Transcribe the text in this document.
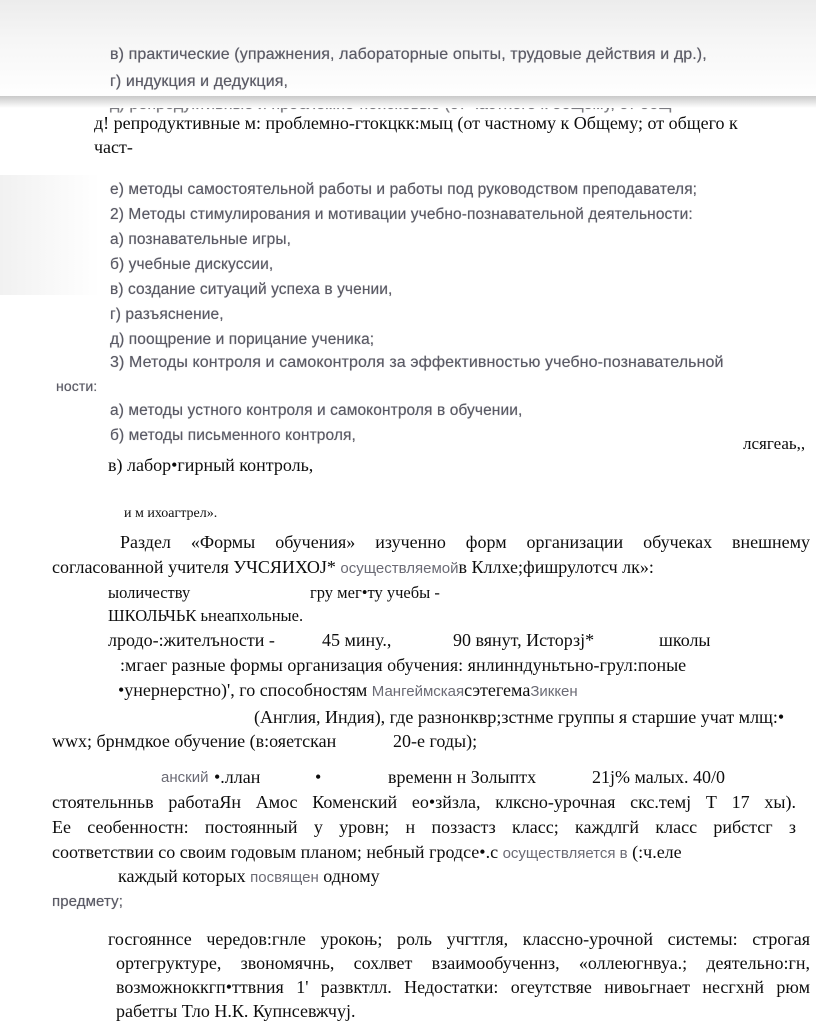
в) практические (упражнения, лабораторные опыты, трудовые действия и др.),
г) индукция и дедукция,
д! репродуктивные м: проблемно-гтокцкк:мыц (от частному к Общему; от общего к
част-
е) методы самостоятельной работы и работы под руководством преподавателя;
2) Методы стимулирования и мотивации учебно-познавательной деятельности:
а) познавательные игры,
б) учебные дискуссии,
в) создание ситуаций успеха в учении,
г) разъяснение,
д) поощрение и порицание ученика;
3) Методы контроля и самоконтроля за эффективностью учебно-познавательной
ности:
а) методы устного контроля и самоконтроля в обучении,
б) методы письменного контроля,	лсягеаь,,
в) лабор•гирный контроль,
и м ихоагтрел».
Раздел «Формы обучения» изученно форм организации обучеках внешнему
согласованной учителя УЧСЯИХОJ* осуществляемойв Кллхе;фишрулотсч лк»:
ыоличеству	гру мег•ту учебы -
ШКОЛЬЧЬК ьнеапхольные.
лродо-:жителъности -	45 мину.,	90 вянут, Исторзj*	школы
:мгаег разные формы организация обучения: янлинндуньтьно-грул:поные
•унернерстно)', го способностям МангеймскаясэтегемаЗиккен
(Англия, Индия), где разнонквр;зстнме группы я старшие учат млщ:•
wwx; брнмдкое обучение (в:ояетскан	20-е годы);
анский •.ллан	•	временн н Золыптх	21j% малых. 40/0
стоятельнньв работаЯн Амос Коменский ео•зйзла, клксно-урочная скс.темj Т 17 хы).
Ее сеобенностн: постоянный у уровн; н поззастз класс; каждлгй класс рибстсг з
соответствии со своим годовым планом; небный гродсе•.с осуществляется в (:ч.еле
каждый которых посвящен одному
предмету;
госгояннсе чередов:гнле урокоњ; роль учгтгля, классно-урочной системы: строгая
ортегруктуре, звономячнь, сохлвет взаимообученнз, «оллеюгнвуа.; деятельно:гн,
возможноккгп•ттвния 1' развктлл. Недостатки: огеутствяе нивоьгнает несгхнй рюм
рабетгы Тло Н.К. Купнсевжчуj.
